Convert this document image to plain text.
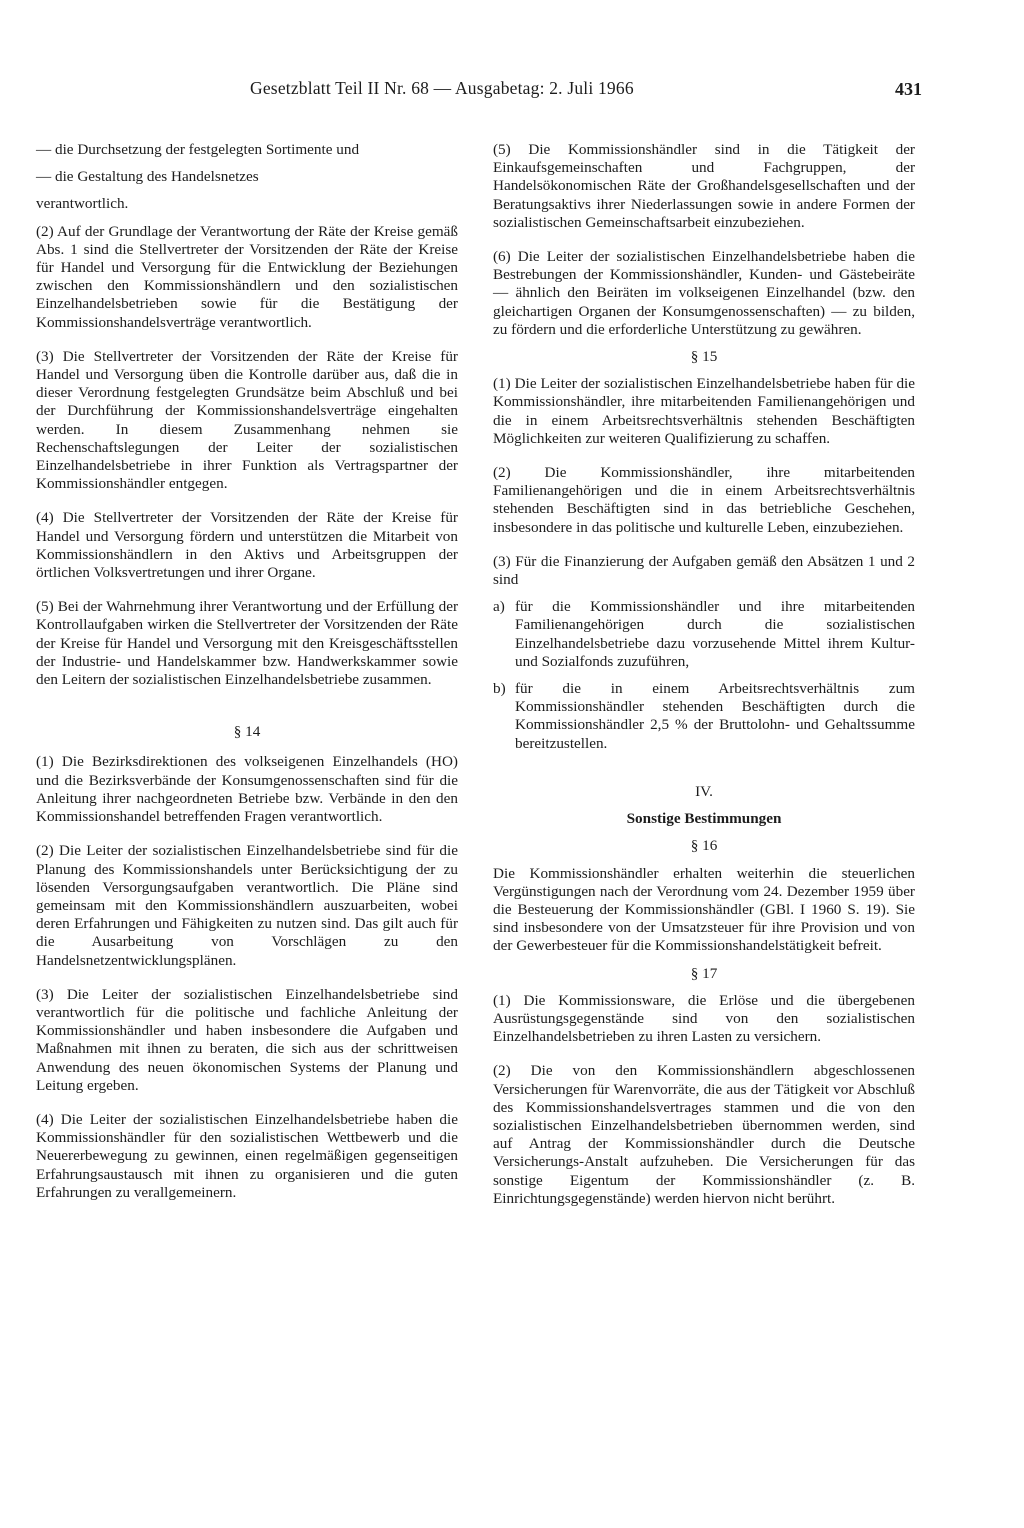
Gesetzblatt Teil II Nr. 68 — Ausgabetag: 2. Juli 1966	431

— die Durchsetzung der festgelegten Sortimente und

— die Gestaltung des Handelsnetzes

verantwortlich.

(2) Auf der Grundlage der Verantwortung der Räte der Kreise gemäß Abs. 1 sind die Stellvertreter der Vorsitzenden der Räte der Kreise für Handel und Versorgung für die Entwicklung der Beziehungen zwischen den Kommissionshändlern und den sozialistischen Einzelhandelsbetrieben sowie für die Bestätigung der Kommissionshandelsverträge verantwortlich.

(3) Die Stellvertreter der Vorsitzenden der Räte der Kreise für Handel und Versorgung üben die Kontrolle darüber aus, daß die in dieser Verordnung festgelegten Grundsätze beim Abschluß und bei der Durchführung der Kommissionshandelsverträge eingehalten werden. In diesem Zusammenhang nehmen sie Rechenschaftslegungen der Leiter der sozialistischen Einzelhandelsbetriebe in ihrer Funktion als Vertragspartner der Kommissionshändler entgegen.

(4) Die Stellvertreter der Vorsitzenden der Räte der Kreise für Handel und Versorgung fördern und unterstützen die Mitarbeit von Kommissionshändlern in den Aktivs und Arbeitsgruppen der örtlichen Volksvertretungen und ihrer Organe.

(5) Bei der Wahrnehmung ihrer Verantwortung und der Erfüllung der Kontrollaufgaben wirken die Stellvertreter der Vorsitzenden der Räte der Kreise für Handel und Versorgung mit den Kreisgeschäftsstellen der Industrie- und Handelskammer bzw. Handwerkskammer sowie den Leitern der sozialistischen Einzelhandelsbetriebe zusammen.

§ 14

(1) Die Bezirksdirektionen des volkseigenen Einzelhandels (HO) und die Bezirksverbände der Konsumgenossenschaften sind für die Anleitung ihrer nachgeordneten Betriebe bzw. Verbände in den den Kommissionshandel betreffenden Fragen verantwortlich.

(2) Die Leiter der sozialistischen Einzelhandelsbetriebe sind für die Planung des Kommissionshandels unter Berücksichtigung der zu lösenden Versorgungsaufgaben verantwortlich. Die Pläne sind gemeinsam mit den Kommissionshändlern auszuarbeiten, wobei deren Erfahrungen und Fähigkeiten zu nutzen sind. Das gilt auch für die Ausarbeitung von Vorschlägen zu den Handelsnetzentwicklungsplänen.

(3) Die Leiter der sozialistischen Einzelhandelsbetriebe sind verantwortlich für die politische und fachliche Anleitung der Kommissionshändler und haben insbesondere die Aufgaben und Maßnahmen mit ihnen zu beraten, die sich aus der schrittweisen Anwendung des neuen ökonomischen Systems der Planung und Leitung ergeben.

(4) Die Leiter der sozialistischen Einzelhandelsbetriebe haben die Kommissionshändler für den sozialistischen Wettbewerb und die Neuererbewegung zu gewinnen, einen regelmäßigen gegenseitigen Erfahrungsaustausch mit ihnen zu organisieren und die guten Erfahrungen zu verallgemeinern.

(5) Die Kommissionshändler sind in die Tätigkeit der Einkaufsgemeinschaften und Fachgruppen, der Handelsökonomischen Räte der Großhandelsgesellschaften und der Beratungsaktivs ihrer Niederlassungen sowie in andere Formen der sozialistischen Gemeinschaftsarbeit einzubeziehen.

(6) Die Leiter der sozialistischen Einzelhandelsbetriebe haben die Bestrebungen der Kommissionshändler, Kunden- und Gästebeiräte — ähnlich den Beiräten im volkseigenen Einzelhandel (bzw. den gleichartigen Organen der Konsumgenossenschaften) — zu bilden, zu fördern und die erforderliche Unterstützung zu gewähren.

§ 15

(1) Die Leiter der sozialistischen Einzelhandelsbetriebe haben für die Kommissionshändler, ihre mitarbeitenden Familienangehörigen und die in einem Arbeitsrechtsverhältnis stehenden Beschäftigten Möglichkeiten zur weiteren Qualifizierung zu schaffen.

(2) Die Kommissionshändler, ihre mitarbeitenden Familienangehörigen und die in einem Arbeitsrechtsverhältnis stehenden Beschäftigten sind in das betriebliche Geschehen, insbesondere in das politische und kulturelle Leben, einzubeziehen.

(3) Für die Finanzierung der Aufgaben gemäß den Absätzen 1 und 2 sind

a) für die Kommissionshändler und ihre mitarbeitenden Familienangehörigen durch die sozialistischen Einzelhandelsbetriebe dazu vorzusehende Mittel ihrem Kultur- und Sozialfonds zuzuführen,
b) für die in einem Arbeitsrechtsverhältnis zum Kommissionshändler stehenden Beschäftigten durch die Kommissionshändler 2,5 % der Bruttolohn- und Gehaltssumme bereitzustellen.

IV.

Sonstige Bestimmungen

§ 16

Die Kommissionshändler erhalten weiterhin die steuerlichen Vergünstigungen nach der Verordnung vom 24. Dezember 1959 über die Besteuerung der Kommissionshändler (GBl. I 1960 S. 19). Sie sind insbesondere von der Umsatzsteuer für ihre Provision und von der Gewerbesteuer für die Kommissionshandelstätigkeit befreit.

§ 17

(1) Die Kommissionsware, die Erlöse und die übergebenen Ausrüstungsgegenstände sind von den sozialistischen Einzelhandelsbetrieben zu ihren Lasten zu versichern.

(2) Die von den Kommissionshändlern abgeschlossenen Versicherungen für Warenvorräte, die aus der Tätigkeit vor Abschluß des Kommissionshandelsvertrages stammen und die von den sozialistischen Einzelhandelsbetrieben übernommen werden, sind auf Antrag der Kommissionshändler durch die Deutsche Versicherungs-Anstalt aufzuheben. Die Versicherungen für das sonstige Eigentum der Kommissionshändler (z. B. Einrichtungsgegenstände) werden hiervon nicht berührt.
